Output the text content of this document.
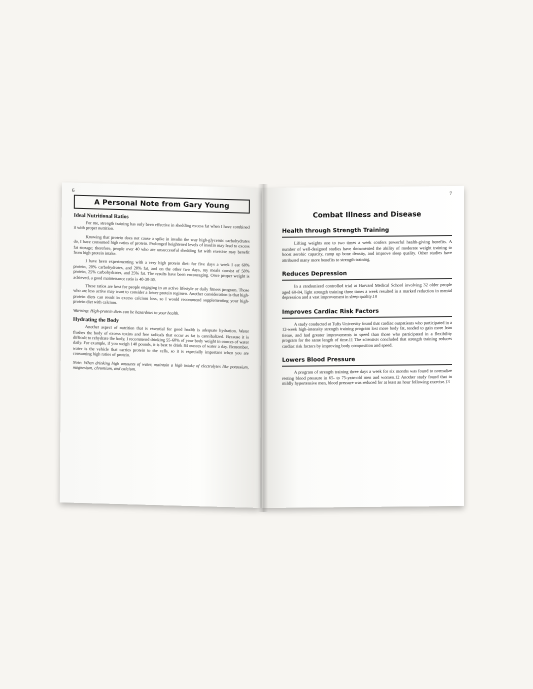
6
A Personal Note from Gary Young
Ideal Nutritional Ratios

For me, strength training has only been effective in shedding excess fat when I have combined it with proper nutrition.

Knowing that protein does not cause a spike in insulin the way high-glycemic carbohydrates do, I have consumed high ratios of protein. Prolonged heightened levels of insulin may lead to excess fat storage; therefore, people over 40 who are unsuccessful shedding fat with exercise may benefit from high protein intake.

I have been experimenting with a very high protein diet: for five days a week I eat 60% protein, 20% carbohydrates, and 20% fat, and on the other two days, my meals consist of 50% protein, 25% carbohydrates, and 25% fat. The results have been encouraging. Once proper weight is achieved, a good maintenance ratio is 40-30-30.

These ratios are best for people engaging in an active lifestyle or daily fitness program. Those who are less active may want to consider a lower protein regimen. Another consideration is that high-protein diets can result in excess calcium loss, so I would recommend supplementing your high-protein diet with calcium.

Warning: High-protein diets can be hazardous to your health.

Hydrating the Body

Another aspect of nutrition that is essential for good health is adequate hydration. Water flushes the body of excess toxins and free radicals that occur as fat is cannibalized. Because it is difficult to rehydrate the body, I recommend drinking 55-60% of your body weight in ounces of water daily. For example, if you weigh 140 pounds, it is best to drink 84 ounces of water a day. Remember, water is the vehicle that carries protein to the cells, so it is especially important when you are consuming high ratios of protein.

Note: When drinking high amounts of water, maintain a high intake of electrolytes like potassium, magnesium, chromium, and calcium.

7
Combat Illness and Disease
Health through Strength Training

Lifting weights one to two times a week confers powerful health-giving benefits. A number of well-designed studies have documented the ability of moderate weight training to boost aerobic capacity, ramp up bone density, and improve sleep quality. Other studies have attributed many more benefits to strength training.

Reduces Depression

In a randomized controlled trial at Harvard Medical School involving 32 older people aged 60-84, light strength training three times a week resulted in a marked reduction in mental depression and a vast improvement in sleep quality.10

Improves Cardiac Risk Factors

A study conducted at Tufts University found that cardiac outpatients who participated in a 12-week high-intensity strength training program lost more body fat, tended to gain more lean tissue, and had greater improvements in speed than those who participated in a flexibility program for the same length of time.11 The scientists concluded that strength training reduces cardiac risk factors by improving body composition and speed.

Lowers Blood Pressure

A program of strength training three days a week for six months was found to normalize resting blood pressure in 65- to 75-year-old men and women.12 Another study found that in mildly hypertensive men, blood pressure was reduced for at least an hour following exercise.13
